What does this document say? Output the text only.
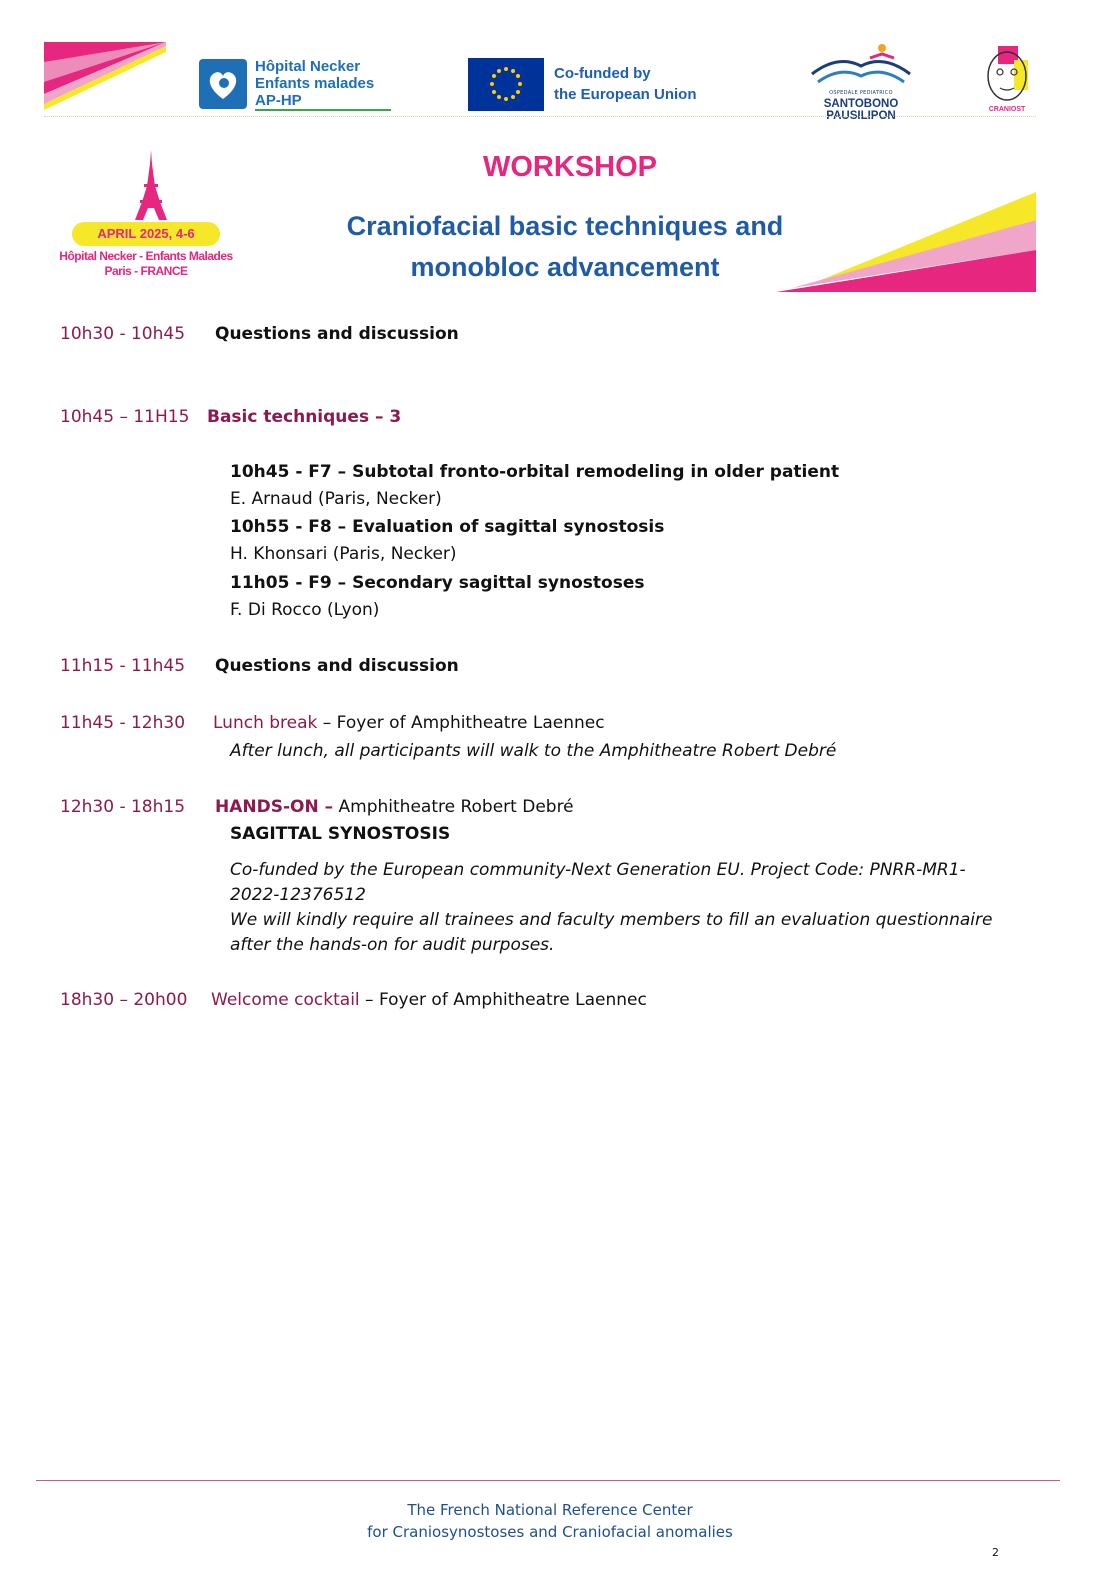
Hôpital Necker
Enfants malades
AP-HP
Co-funded by
the European Union	OSPEDALE PEDIATRICO
SANTOBONO
PAUSILIPON
CRANIOST
APRIL 2025, 4-6
Hôpital Necker - Enfants Malades
Paris - FRANCE
WORKSHOP
Craniofacial basic techniques and
monobloc advancement
10h30 - 10h45 Questions and discussion
10h45 – 11H15 Basic techniques – 3
10h45 - F7 – Subtotal fronto-orbital remodeling in older patient
E. Arnaud (Paris, Necker)
10h55 - F8 – Evaluation of sagittal synostosis
H. Khonsari (Paris, Necker)
11h05 - F9 – Secondary sagittal synostoses
F. Di Rocco (Lyon)
11h15 - 11h45 Questions and discussion
11h45 - 12h30 Lunch break – Foyer of Amphitheatre Laennec
After lunch, all participants will walk to the Amphitheatre Robert Debré
12h30 - 18h15 HANDS-ON – Amphitheatre Robert Debré
SAGITTAL SYNOSTOSIS
Co-funded by the European community-Next Generation EU. Project Code: PNRR-MR1-
2022-12376512
We will kindly require all trainees and faculty members to fill an evaluation questionnaire
after the hands-on for audit purposes.
18h30 – 20h00 Welcome cocktail – Foyer of Amphitheatre Laennec
The French National Reference Center
for Craniosynostoses and Craniofacial anomalies
2
